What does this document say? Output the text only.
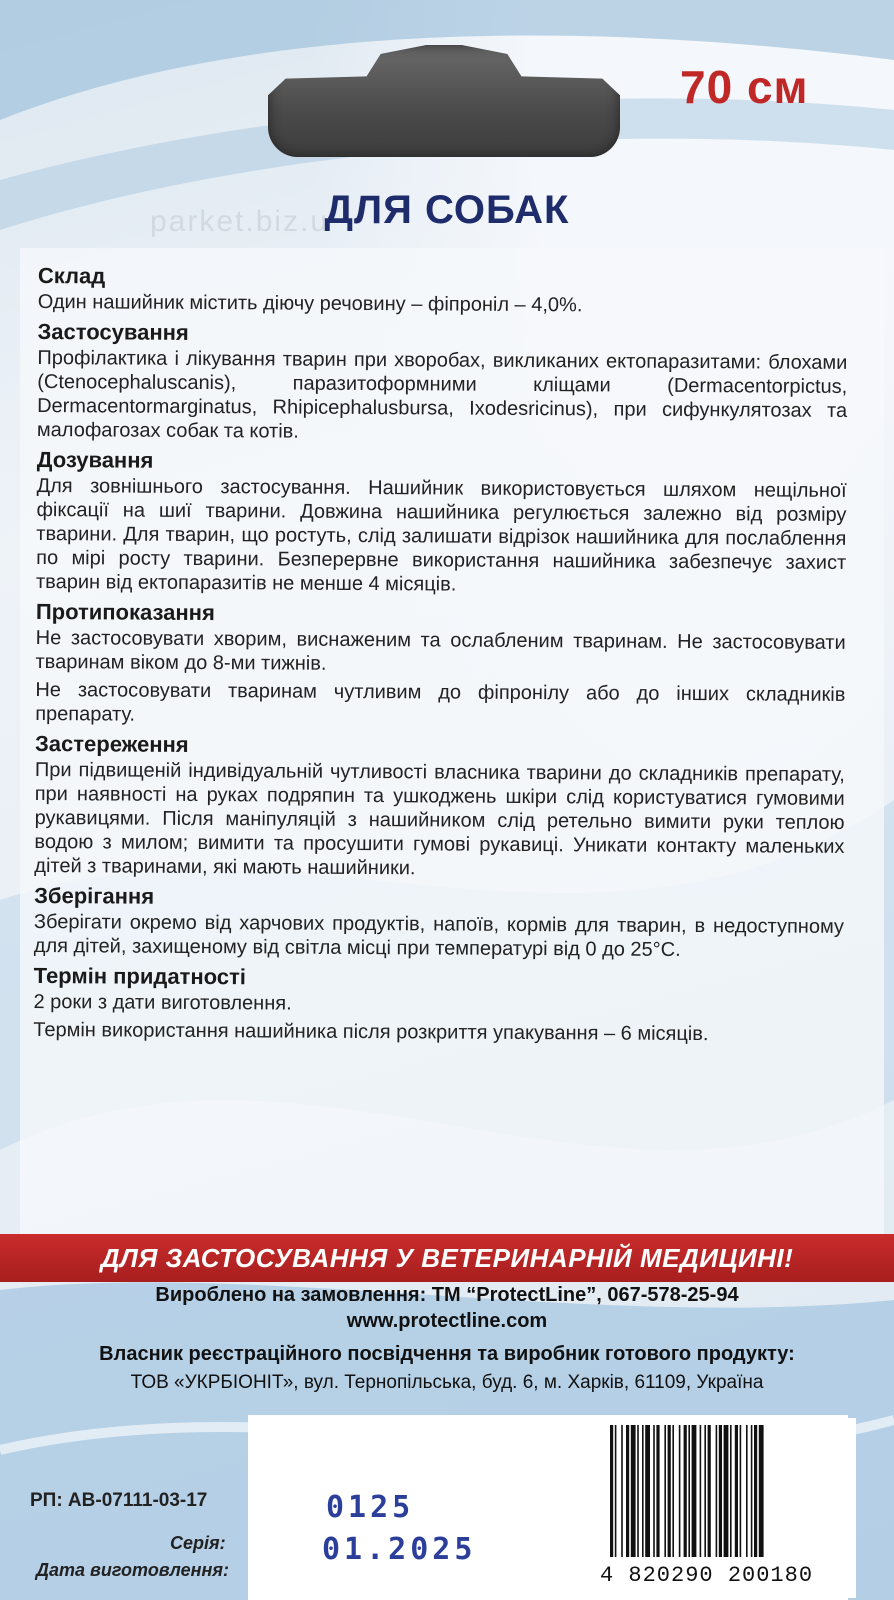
70 см
parket.biz.u
ДЛЯ СОБАК
Склад

Один нашийник містить діючу речовину – фіпроніл – 4,0%.

Застосування

Профілактика і лікування тварин при хворобах, викликаних ектопаразитами: блохами (Ctenocephaluscanis), паразитоформними кліщами (Dermacentorpictus, Dermacentormarginatus, Rhipicephalusbursa, Ixodesricinus), при сифункулятозах та малофагозах собак та котів.

Дозування

Для зовнішнього застосування. Нашийник використовується шляхом нещільної фіксації на шиї тварини. Довжина нашийника регулюється залежно від розміру тварини. Для тварин, що ростуть, слід залишати відрізок нашийника для послаблення по мірі росту тварини. Безперервне використання нашийника забезпечує захист тварин від ектопаразитів не менше 4 місяців.

Протипоказання

Не застосовувати хворим, виснаженим та ослабленим тваринам. Не застосовувати тваринам віком до 8-ми тижнів.

Не застосовувати тваринам чутливим до фіпронілу або до інших складників препарату.

Застереження

При підвищеній індивідуальній чутливості власника тварини до складників препарату, при наявності на руках подряпин та ушкоджень шкіри слід користуватися гумовими рукавицями. Після маніпуляцій з нашийником слід ретельно вимити руки теплою водою з милом; вимити та просушити гумові рукавиці. Уникати контакту маленьких дітей з тваринами, які мають нашийники.

Зберігання

Зберігати окремо від харчових продуктів, напоїв, кормів для тварин, в недоступному для дітей, захищеному від світла місці при температурі від 0 до 25°С.

Термін придатності

2 роки з дати виготовлення.

Термін використання нашийника після розкриття упакування – 6 місяців.

ДЛЯ ЗАСТОСУВАННЯ У ВЕТЕРИНАРНІЙ МЕДИЦИНІ!
Вироблено на замовлення: ТМ “ProtectLine”, 067-578-25-94
www.protectline.com
Власник реєстраційного посвідчення та виробник готового продукту:
ТОВ «УКРБІОНІТ», вул. Тернопільська, буд. 6, м. Харків, 61109, Україна
РП: АВ-07111-03-17
Серія:
Дата виготовлення:
0125
01.2025
4 820290 200180
